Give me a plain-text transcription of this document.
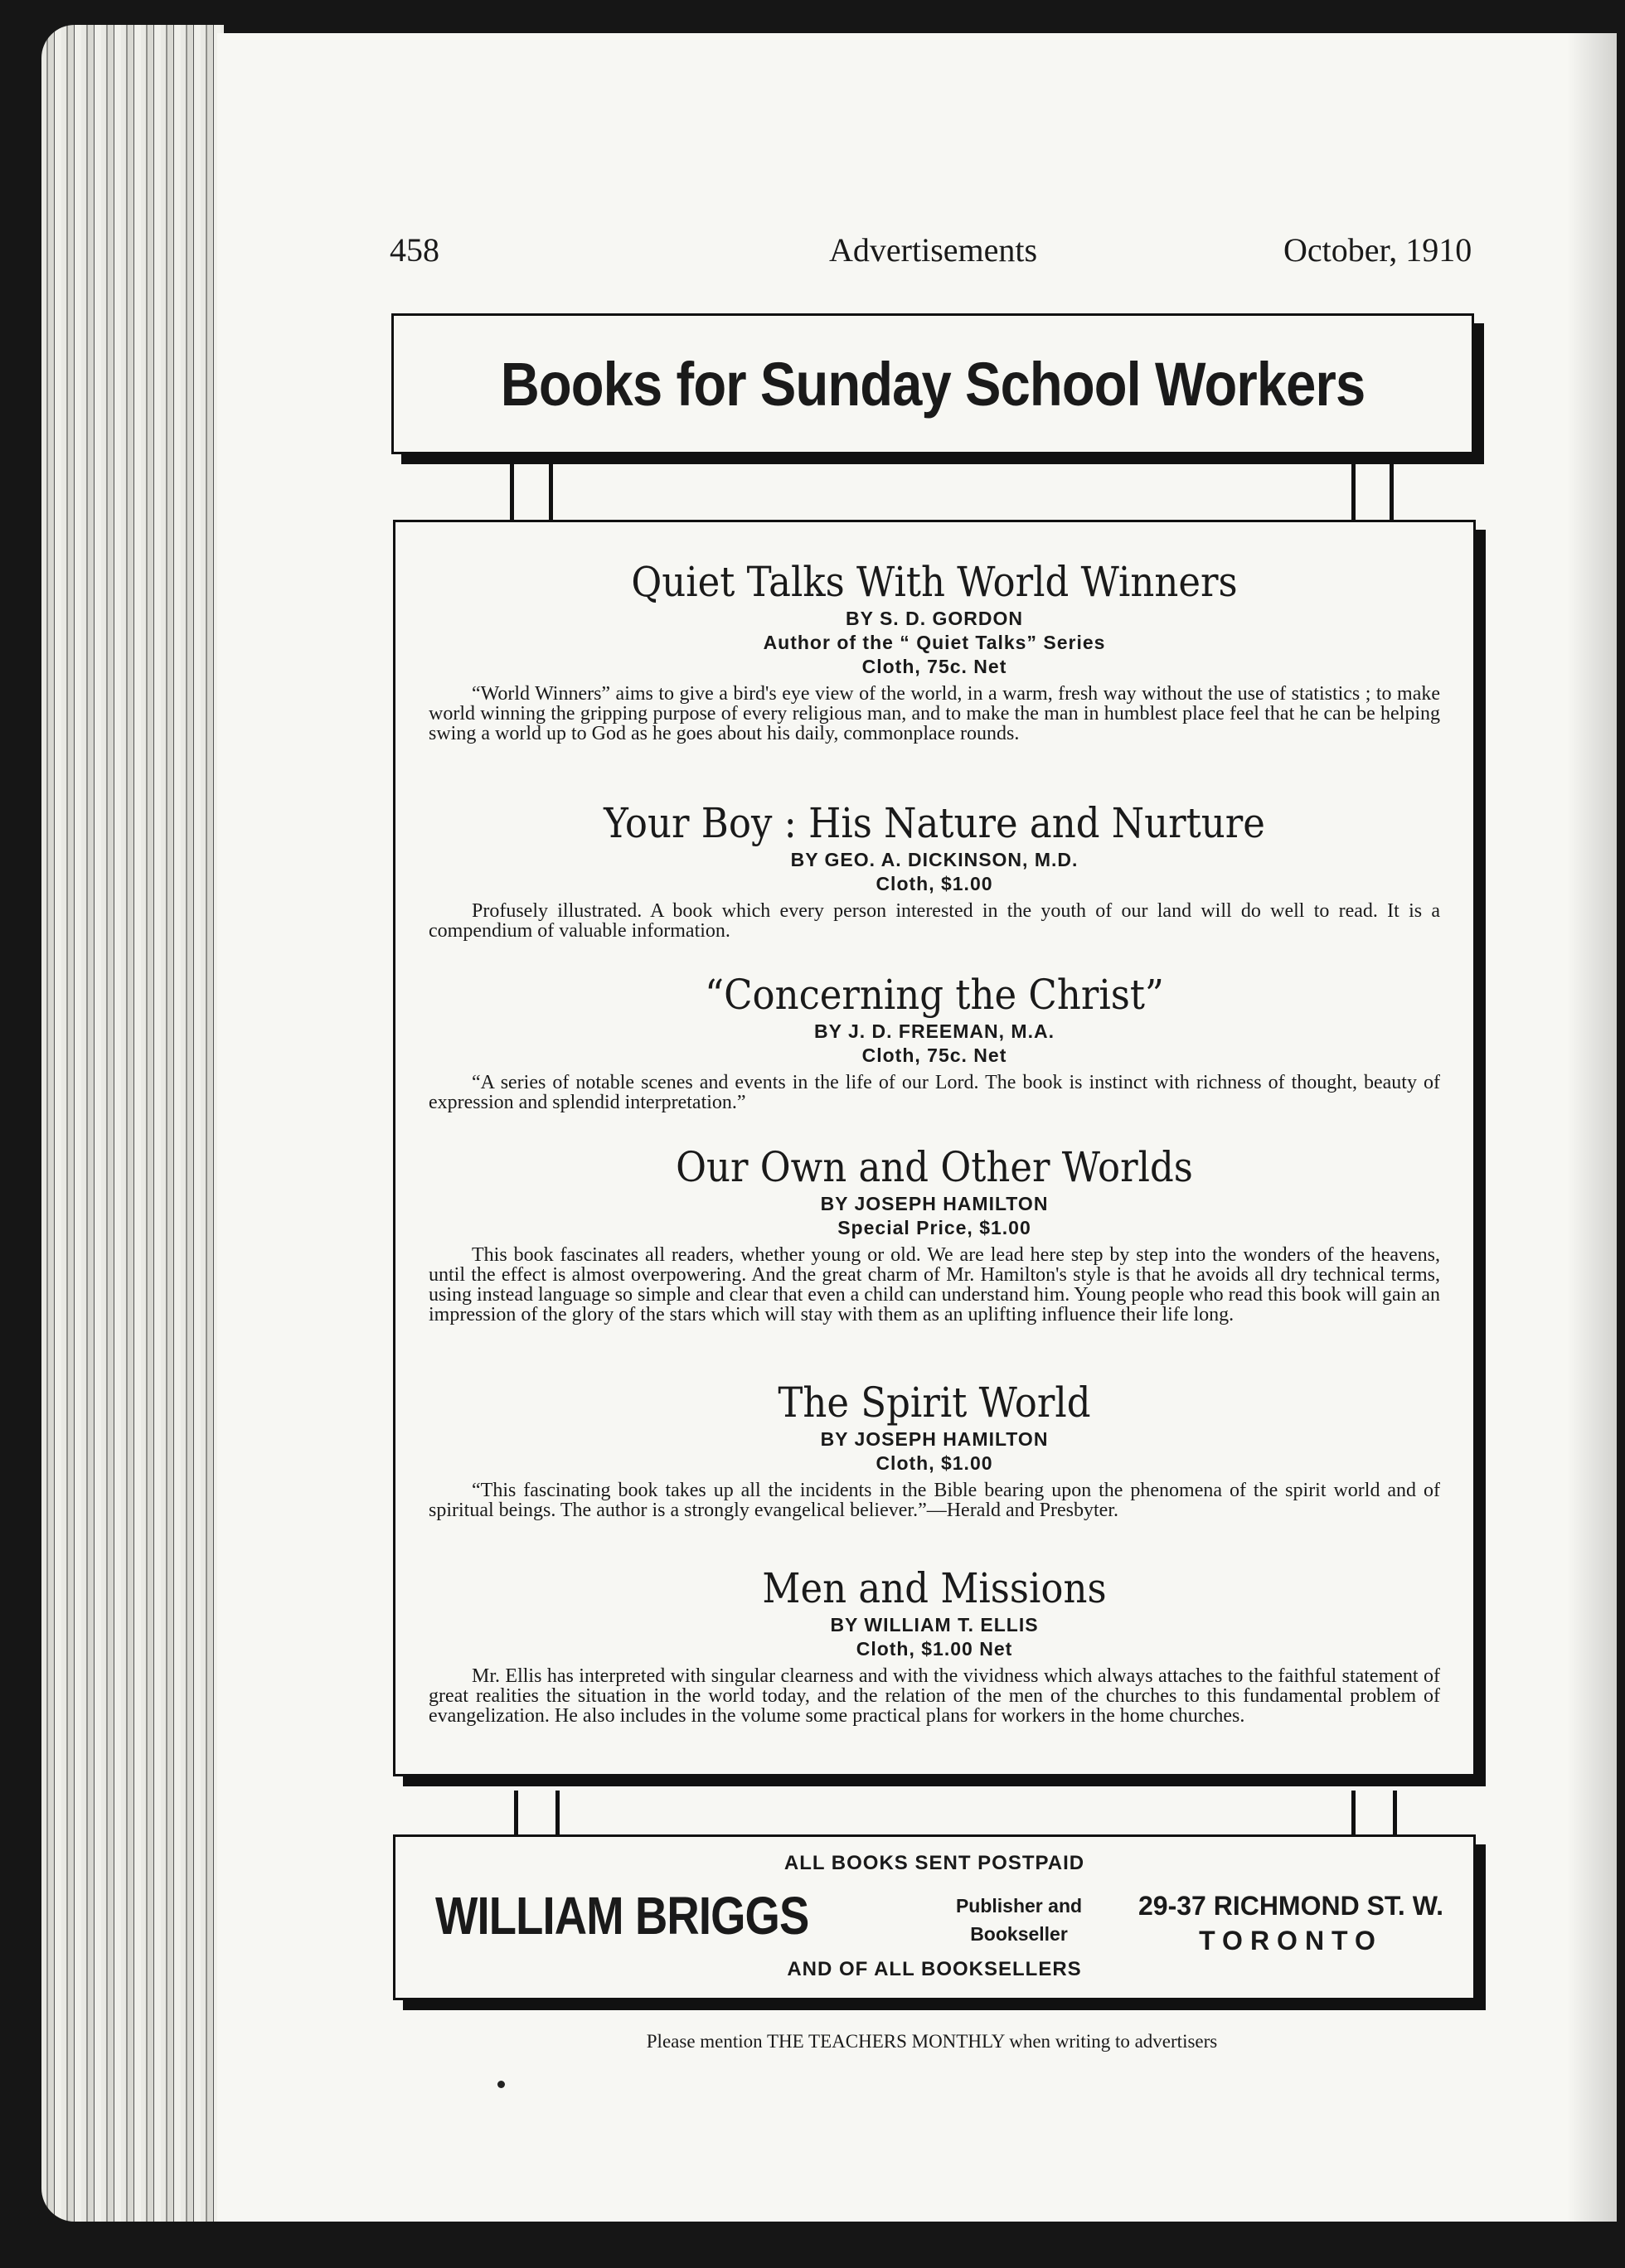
458	Advertisements	October, 1910
Books for Sunday School Workers
Quiet Talks With World Winners
BY S. D. GORDON
Author of the “ Quiet Talks” Series
Cloth, 75c. Net
“World Winners” aims to give a bird's eye view of the world, in a warm, fresh way without the use of statistics ; to make world winning the gripping purpose of every religious man, and to make the man in humblest place feel that he can be helping swing a world up to God as he goes about his daily, commonplace rounds.
Your Boy : His Nature and Nurture
BY GEO. A. DICKINSON, M.D.
Cloth, $1.00
Profusely illustrated. A book which every person interested in the youth of our land will do well to read. It is a compendium of valuable information.
“Concerning the Christ”
BY J. D. FREEMAN, M.A.
Cloth, 75c. Net
“A series of notable scenes and events in the life of our Lord. The book is instinct with richness of thought, beauty of expression and splendid interpretation.”
Our Own and Other Worlds
BY JOSEPH HAMILTON
Special Price, $1.00
This book fascinates all readers, whether young or old. We are lead here step by step into the wonders of the heavens, until the effect is almost overpowering. And the great charm of Mr. Hamilton's style is that he avoids all dry technical terms, using instead language so simple and clear that even a child can understand him. Young people who read this book will gain an impression of the glory of the stars which will stay with them as an uplifting influence their life long.
The Spirit World
BY JOSEPH HAMILTON
Cloth, $1.00
“This fascinating book takes up all the incidents in the Bible bearing upon the phenomena of the spirit world and of spiritual beings. The author is a strongly evangelical believer.”—Herald and Presbyter.
Men and Missions
BY WILLIAM T. ELLIS
Cloth, $1.00 Net
Mr. Ellis has interpreted with singular clearness and with the vividness which always attaches to the faithful statement of great realities the situation in the world today, and the relation of the men of the churches to this fundamental problem of evangelization. He also includes in the volume some practical plans for workers in the home churches.
ALL BOOKS SENT POSTPAID
WILLIAM BRIGGS	Publisher and
Bookseller
29-37 RICHMOND ST. W.
TORONTO
AND OF ALL BOOKSELLERS
Please mention THE TEACHERS MONTHLY when writing to advertisers
